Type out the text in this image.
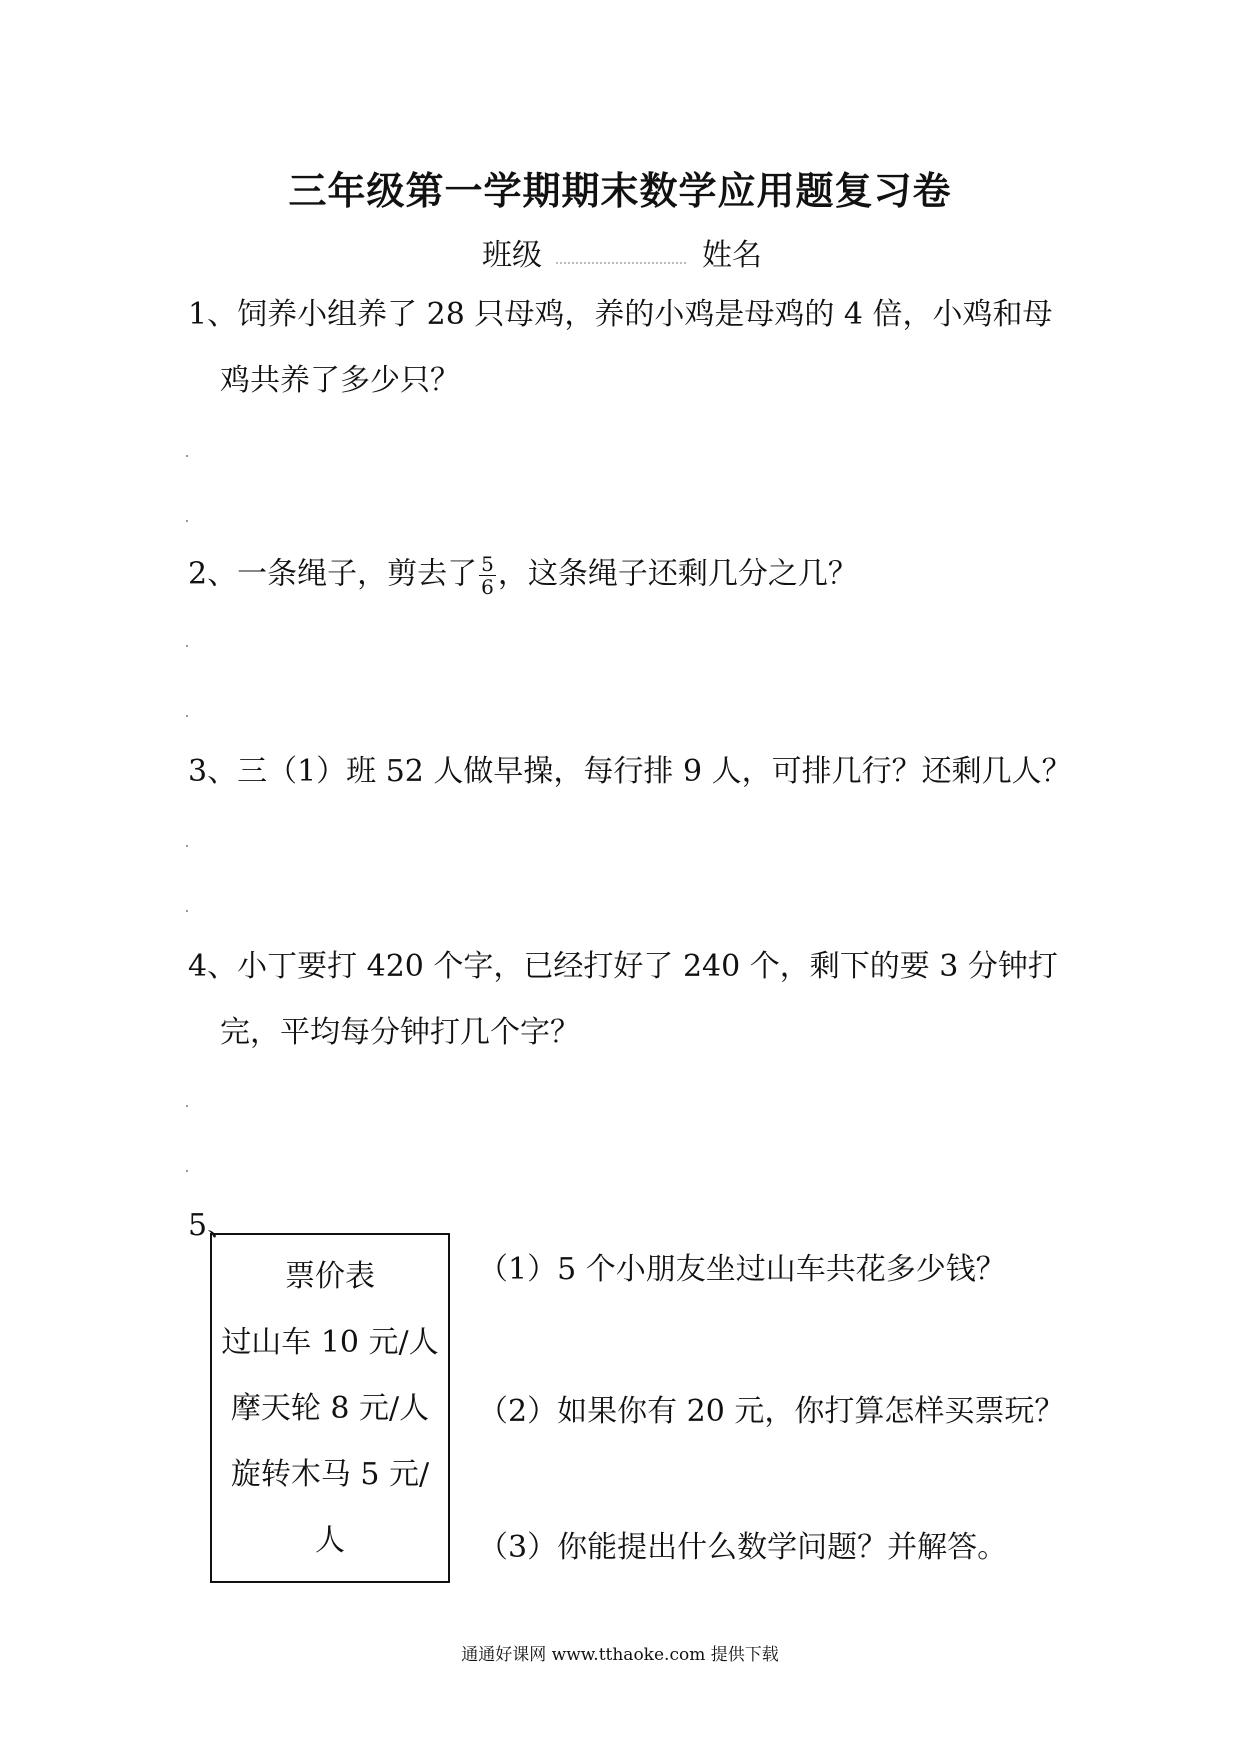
三年级第一学期期末数学应用题复习卷
班级	姓名
1、饲养小组养了 28 只母鸡，养的小鸡是母鸡的 4 倍，小鸡和母
鸡共养了多少只？
2、一条绳子，剪去了 $\frac{5}{6}$ ，这条绳子还剩几分之几？
3、三（1）班 52 人做早操，每行排 9 人，可排几行？还剩几人？
4、小丁要打 420 个字，已经打好了 240 个，剩下的要 3 分钟打
完，平均每分钟打几个字？
5、
票价表
过山车 10 元/人
摩天轮 8 元/人
旋转木马 5 元/
人
（1）5 个小朋友坐过山车共花多少钱？
（2）如果你有 20 元，你打算怎样买票玩？
（3）你能提出什么数学问题？并解答。
通通好课网 www.tthaoke.com 提供下载
